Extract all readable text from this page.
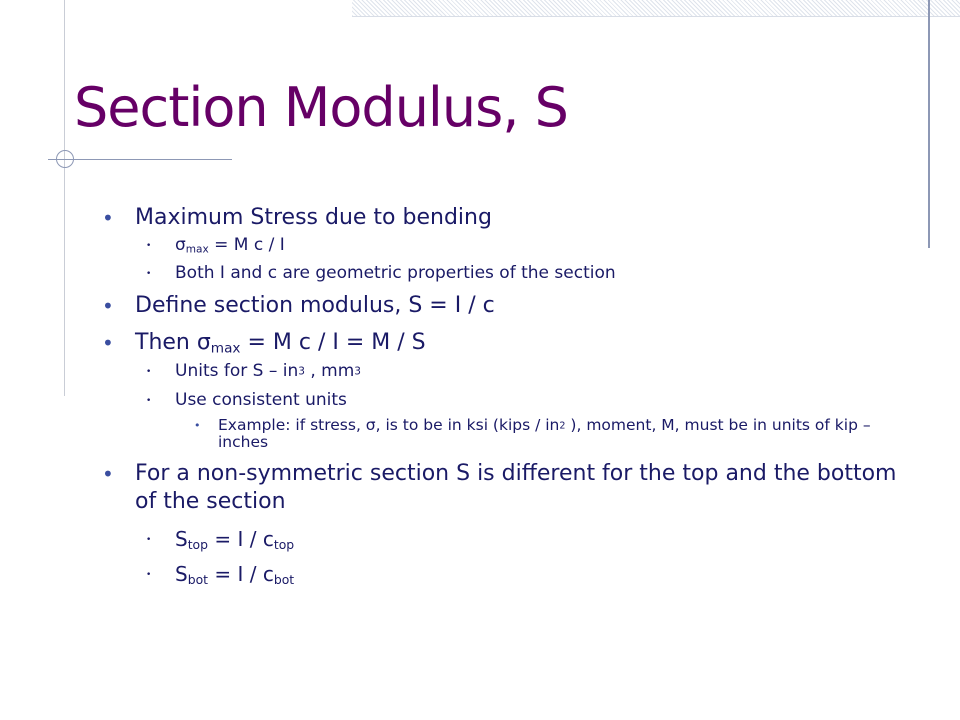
Section Modulus, S
• Maximum Stress due to bending
• $\sigma_{max} = M$ c / I
• Both I and c are geometric properties of the section
• Define section modulus, S = I / c
• Then $\sigma_{max} = M$ c / I = M / S
• Units for S – $in^3$ , $mm^3$
• Use consistent units
• Example: if stress, σ, is to be in ksi (kips / $in^2$ ), moment, M, must be in units of kip – inches
• For a non-symmetric section S is different for the top and the bottom of the section
• $S_{top} = I / c_{top}$
• $S_{bot} = I / c_{bot}$
